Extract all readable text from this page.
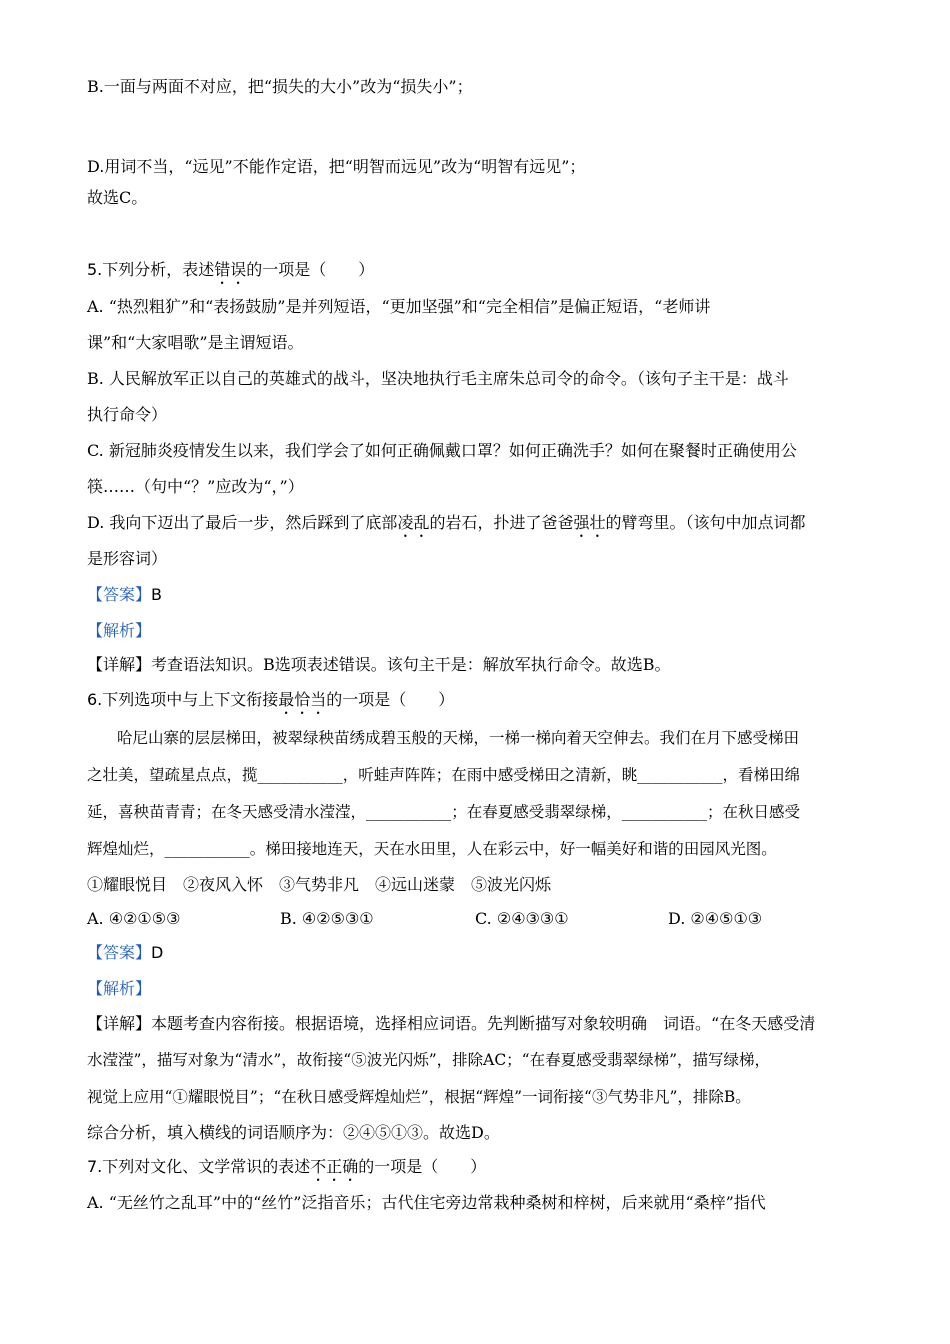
B.一面与两面不对应，把“损失的大小”改为“损失小”；

D.用词不当，“远见”不能作定语，把“明智而远见”改为“明智有远见”；

故选C。

5.下列分析，表述错误的一项是（　　）

A. “热烈粗犷”和“表扬鼓励”是并列短语，“更加坚强”和“完全相信”是偏正短语，“老师讲

课”和“大家唱歌”是主谓短语。

B. 人民解放军正以自己的英雄式的战斗，坚决地执行毛主席朱总司令的命令。（该句子主干是：战斗

执行命令）

C. 新冠肺炎疫情发生以来，我们学会了如何正确佩戴口罩？如何正确洗手？如何在聚餐时正确使用公

筷……（句中“？”应改为“，”）

D. 我向下迈出了最后一步，然后踩到了底部凌乱的岩石，扑进了爸爸强壮的臂弯里。（该句中加点词都

是形容词）

【答案】B

【解析】

【详解】考查语法知识。B选项表述错误。该句主干是：解放军执行命令。故选B。

6.下列选项中与上下文衔接最恰当的一项是（　　）

哈尼山寨的层层梯田，被翠绿秧苗绣成碧玉般的天梯，一梯一梯向着天空伸去。我们在月下感受梯田

之壮美，望疏星点点，揽___________，听蛙声阵阵；在雨中感受梯田之清新，眺___________，看梯田绵

延，喜秧苗青青；在冬天感受清水滢滢，___________；在春夏感受翡翠绿梯，___________；在秋日感受

辉煌灿烂，___________。梯田接地连天，天在水田里，人在彩云中，好一幅美好和谐的田园风光图。

①耀眼悦目　②夜风入怀　③气势非凡　④远山迷蒙　⑤波光闪烁

A. ④②①⑤③	B. ④②⑤③①	C. ②④③③①	D. ②④⑤①③

【答案】D

【解析】

【详解】本题考查内容衔接。根据语境，选择相应词语。先判断描写对象较明确　词语。“在冬天感受清

水滢滢”，描写对象为“清水”，故衔接“⑤波光闪烁”，排除AC；“在春夏感受翡翠绿梯”，描写绿梯，

视觉上应用“①耀眼悦目”；“在秋日感受辉煌灿烂”，根据“辉煌”一词衔接“③气势非凡”，排除B。

综合分析，填入横线的词语顺序为：②④⑤①③。故选D。

7.下列对文化、文学常识的表述不正确的一项是（　　）

A. “无丝竹之乱耳”中的“丝竹”泛指音乐；古代住宅旁边常栽种桑树和梓树，后来就用“桑梓”指代
